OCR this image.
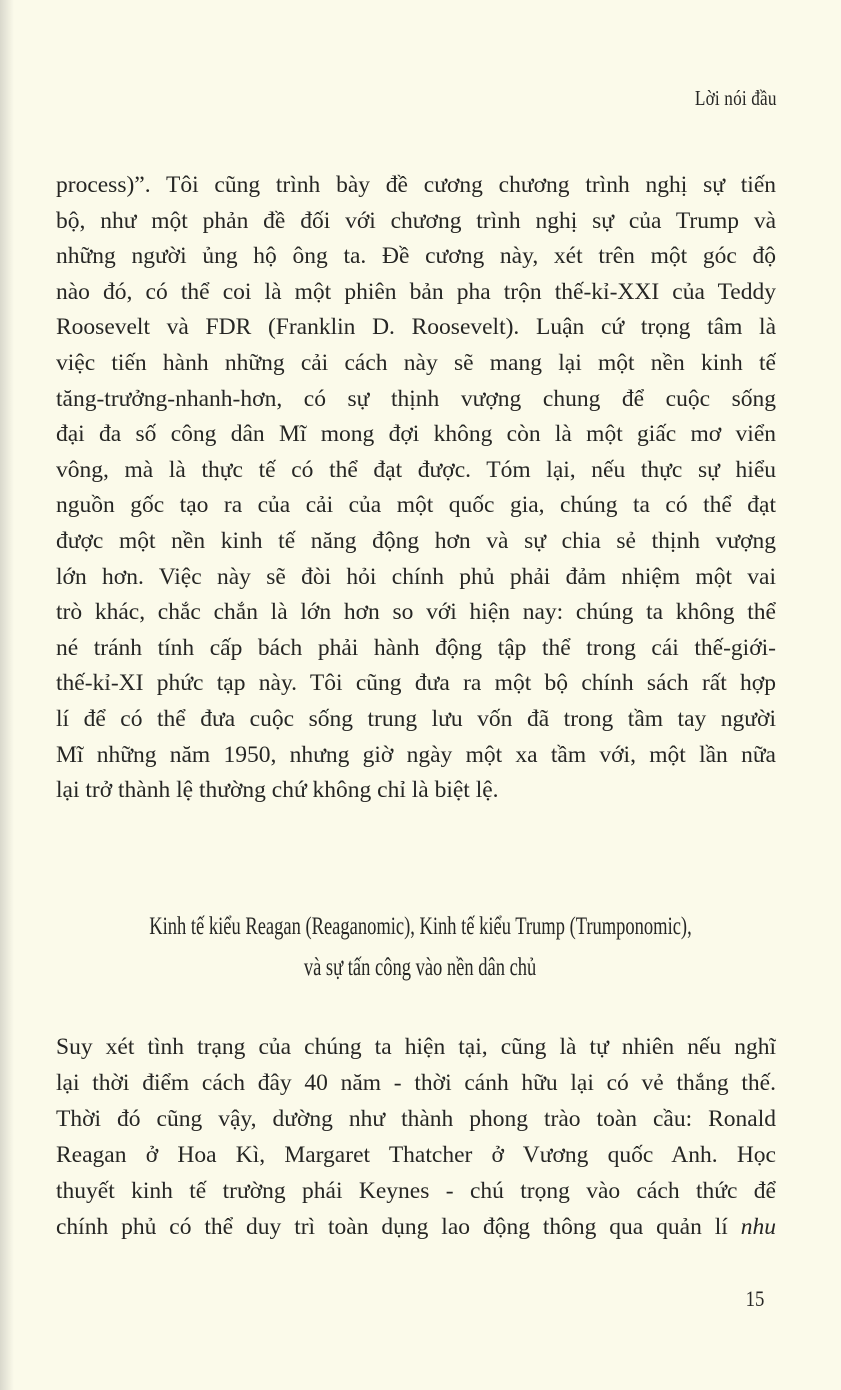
Lời nói đầu
process)”. Tôi cũng trình bày đề cương chương trình nghị sự tiến
bộ, như một phản đề đối với chương trình nghị sự của Trump và
những người ủng hộ ông ta. Đề cương này, xét trên một góc độ
nào đó, có thể coi là một phiên bản pha trộn thế-kỉ-XXI của Teddy
Roosevelt và FDR (Franklin D. Roosevelt). Luận cứ trọng tâm là
việc tiến hành những cải cách này sẽ mang lại một nền kinh tế
tăng-trưởng-nhanh-hơn, có sự thịnh vượng chung để cuộc sống
đại đa số công dân Mĩ mong đợi không còn là một giấc mơ viển
vông, mà là thực tế có thể đạt được. Tóm lại, nếu thực sự hiểu
nguồn gốc tạo ra của cải của một quốc gia, chúng ta có thể đạt
được một nền kinh tế năng động hơn và sự chia sẻ thịnh vượng
lớn hơn. Việc này sẽ đòi hỏi chính phủ phải đảm nhiệm một vai
trò khác, chắc chắn là lớn hơn so với hiện nay: chúng ta không thể
né tránh tính cấp bách phải hành động tập thể trong cái thế-giới-
thế-kỉ-XI phức tạp này. Tôi cũng đưa ra một bộ chính sách rất hợp
lí để có thể đưa cuộc sống trung lưu vốn đã trong tầm tay người
Mĩ những năm 1950, nhưng giờ ngày một xa tầm với, một lần nữa
lại trở thành lệ thường chứ không chỉ là biệt lệ.
Kinh tế kiểu Reagan (Reaganomic), Kinh tế kiểu Trump (Trumponomic),
và sự tấn công vào nền dân chủ
Suy xét tình trạng của chúng ta hiện tại, cũng là tự nhiên nếu nghĩ
lại thời điểm cách đây 40 năm - thời cánh hữu lại có vẻ thắng thế.
Thời đó cũng vậy, dường như thành phong trào toàn cầu: Ronald
Reagan ở Hoa Kì, Margaret Thatcher ở Vương quốc Anh. Học
thuyết kinh tế trường phái Keynes - chú trọng vào cách thức để
chính phủ có thể duy trì toàn dụng lao động thông qua quản lí nhu
15
